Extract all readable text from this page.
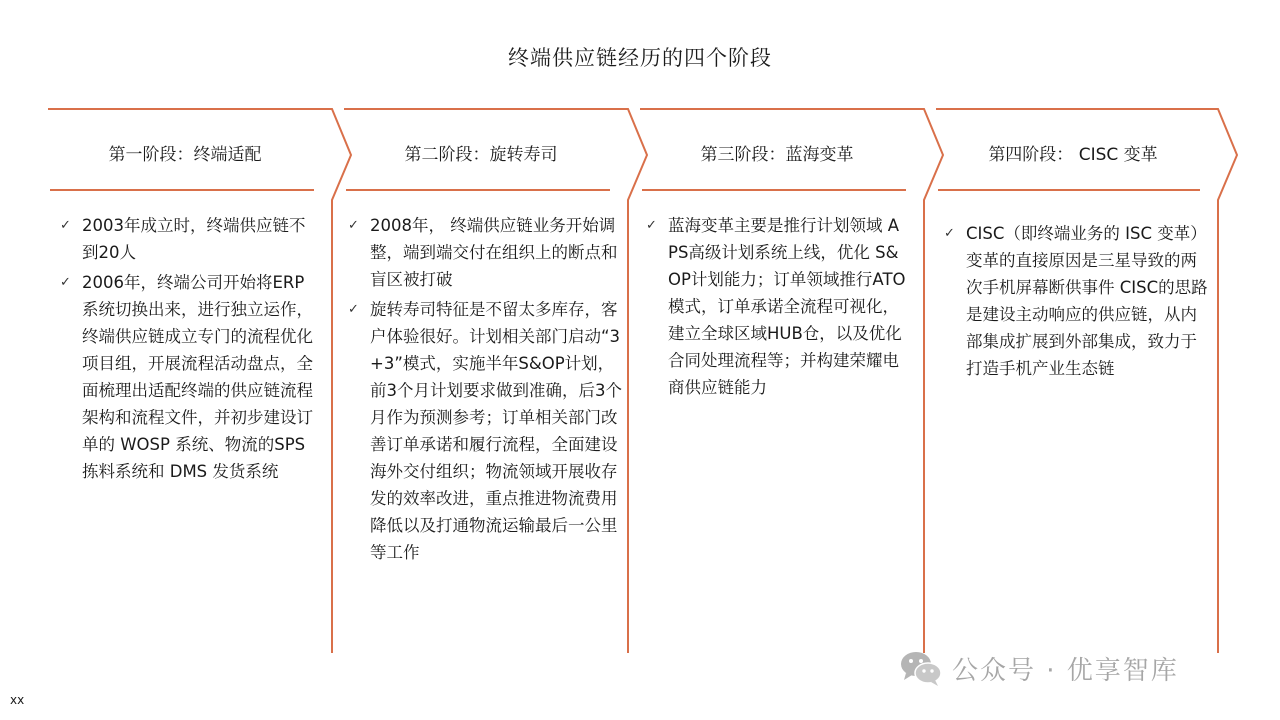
终端供应链经历的四个阶段
第一阶段：终端适配	第二阶段：旋转寿司	第三阶段：蓝海变革	第四阶段： CISC 变革
✓ 2003年成立时，终端供应链不到20人
✓ 2006年，终端公司开始将ERP 系统切换出来，进行独立运作，终端供应链成立专门的流程优化项目组，开展流程活动盘点，全面梳理出适配终端的供应链流程架构和流程文件，并初步建设订单的 WOSP 系统、物流的SPS 拣料系统和 DMS 发货系统
✓ 2008年， 终端供应链业务开始调整，端到端交付在组织上的断点和盲区被打破
✓ 旋转寿司特征是不留太多库存，客户体验很好。计划相关部门启动“3+3”模式，实施半年S&OP计划，前3个月计划要求做到准确，后3个月作为预测参考；订单相关部门改善订单承诺和履行流程，全面建设海外交付组织；物流领域开展收存发的效率改进，重点推进物流费用降低以及打通物流运输最后一公里等工作
✓ 蓝海变革主要是推行计划领域 APS高级计划系统上线，优化 S&OP计划能力；订单领域推行ATO模式，订单承诺全流程可视化，建立全球区域HUB仓，以及优化合同处理流程等；并构建荣耀电商供应链能力
✓ CISC（即终端业务的 ISC 变革）变革的直接原因是三星导致的两次手机屏幕断供事件 CISC的思路是建设主动响应的供应链，从内部集成扩展到外部集成，致力于打造手机产业生态链
xx
公众号 · 优享智库
